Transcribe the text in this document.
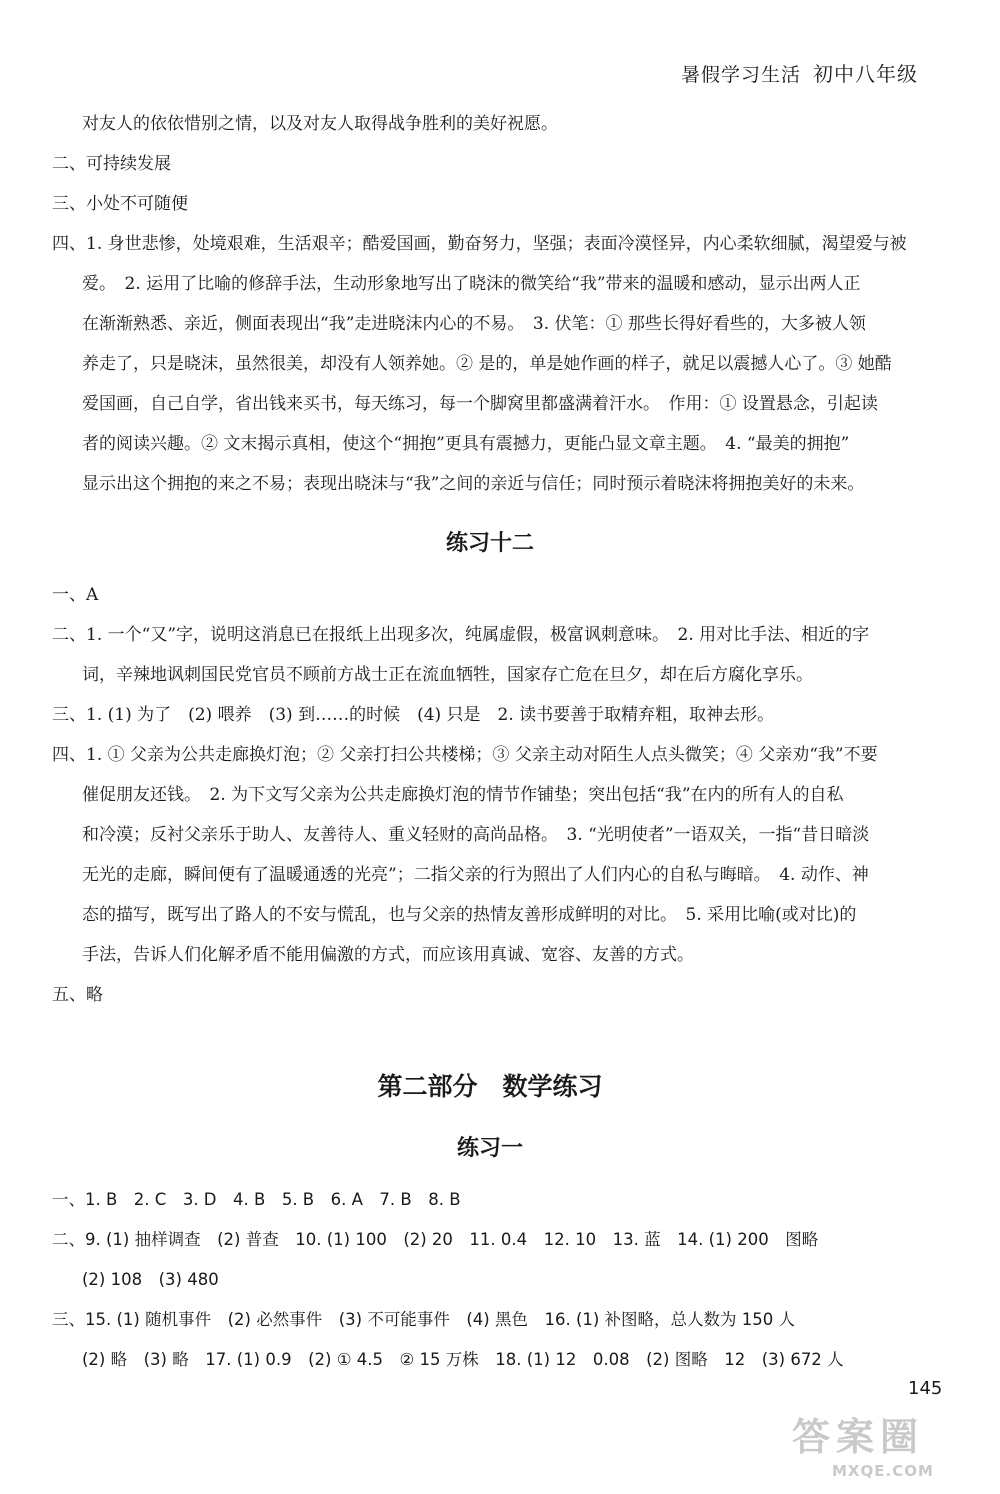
暑假学习生活 初中八年级

对友人的依依惜别之情，以及对友人取得战争胜利的美好祝愿。

二、可持续发展

三、小处不可随便

四、1. 身世悲惨，处境艰难，生活艰辛；酷爱国画，勤奋努力，坚强；表面冷漠怪异，内心柔软细腻，渴望爱与被

爱。　2. 运用了比喻的修辞手法，生动形象地写出了晓沫的微笑给“我”带来的温暖和感动，显示出两人正

在渐渐熟悉、亲近，侧面表现出“我”走进晓沫内心的不易。　3. 伏笔：① 那些长得好看些的，大多被人领

养走了，只是晓沫，虽然很美，却没有人领养她。② 是的，单是她作画的样子，就足以震撼人心了。③ 她酷

爱国画，自己自学，省出钱来买书，每天练习，每一个脚窝里都盛满着汗水。　作用：① 设置悬念，引起读

者的阅读兴趣。② 文末揭示真相，使这个“拥抱”更具有震撼力，更能凸显文章主题。　4. “最美的拥抱”

显示出这个拥抱的来之不易；表现出晓沫与“我”之间的亲近与信任；同时预示着晓沫将拥抱美好的未来。

练习十二

一、A

二、1. 一个“又”字，说明这消息已在报纸上出现多次，纯属虚假，极富讽刺意味。　2. 用对比手法、相近的字

词，辛辣地讽刺国民党官员不顾前方战士正在流血牺牲，国家存亡危在旦夕，却在后方腐化享乐。

三、1. (1) 为了　(2) 喂养　(3) 到……的时候　(4) 只是　2. 读书要善于取精弃粗，取神去形。

四、1. ① 父亲为公共走廊换灯泡；② 父亲打扫公共楼梯；③ 父亲主动对陌生人点头微笑；④ 父亲劝“我”不要

催促朋友还钱。　2. 为下文写父亲为公共走廊换灯泡的情节作铺垫；突出包括“我”在内的所有人的自私

和冷漠；反衬父亲乐于助人、友善待人、重义轻财的高尚品格。　3. “光明使者”一语双关，一指“昔日暗淡

无光的走廊，瞬间便有了温暖通透的光亮”；二指父亲的行为照出了人们内心的自私与晦暗。　4. 动作、神

态的描写，既写出了路人的不安与慌乱，也与父亲的热情友善形成鲜明的对比。　5. 采用比喻(或对比)的

手法，告诉人们化解矛盾不能用偏激的方式，而应该用真诚、宽容、友善的方式。

五、略

第二部分　数学练习
练习一

一、1. B　2. C　3. D　4. B　5. B　6. A　7. B　8. B

二、9. (1) 抽样调查　(2) 普查　10. (1) 100　(2) 20　11. 0.4　12. 10　13. 蓝　14. (1) 200　图略

(2) 108　(3) 480

三、15. (1) 随机事件　(2) 必然事件　(3) 不可能事件　(4) 黑色　16. (1) 补图略，总人数为 150 人

(2) 略　(3) 略　17. (1) 0.9　(2) ① 4.5　② 15 万株　18. (1) 12　0.08　(2) 图略　12　(3) 672 人

145
答案圈
MXQE.COM
